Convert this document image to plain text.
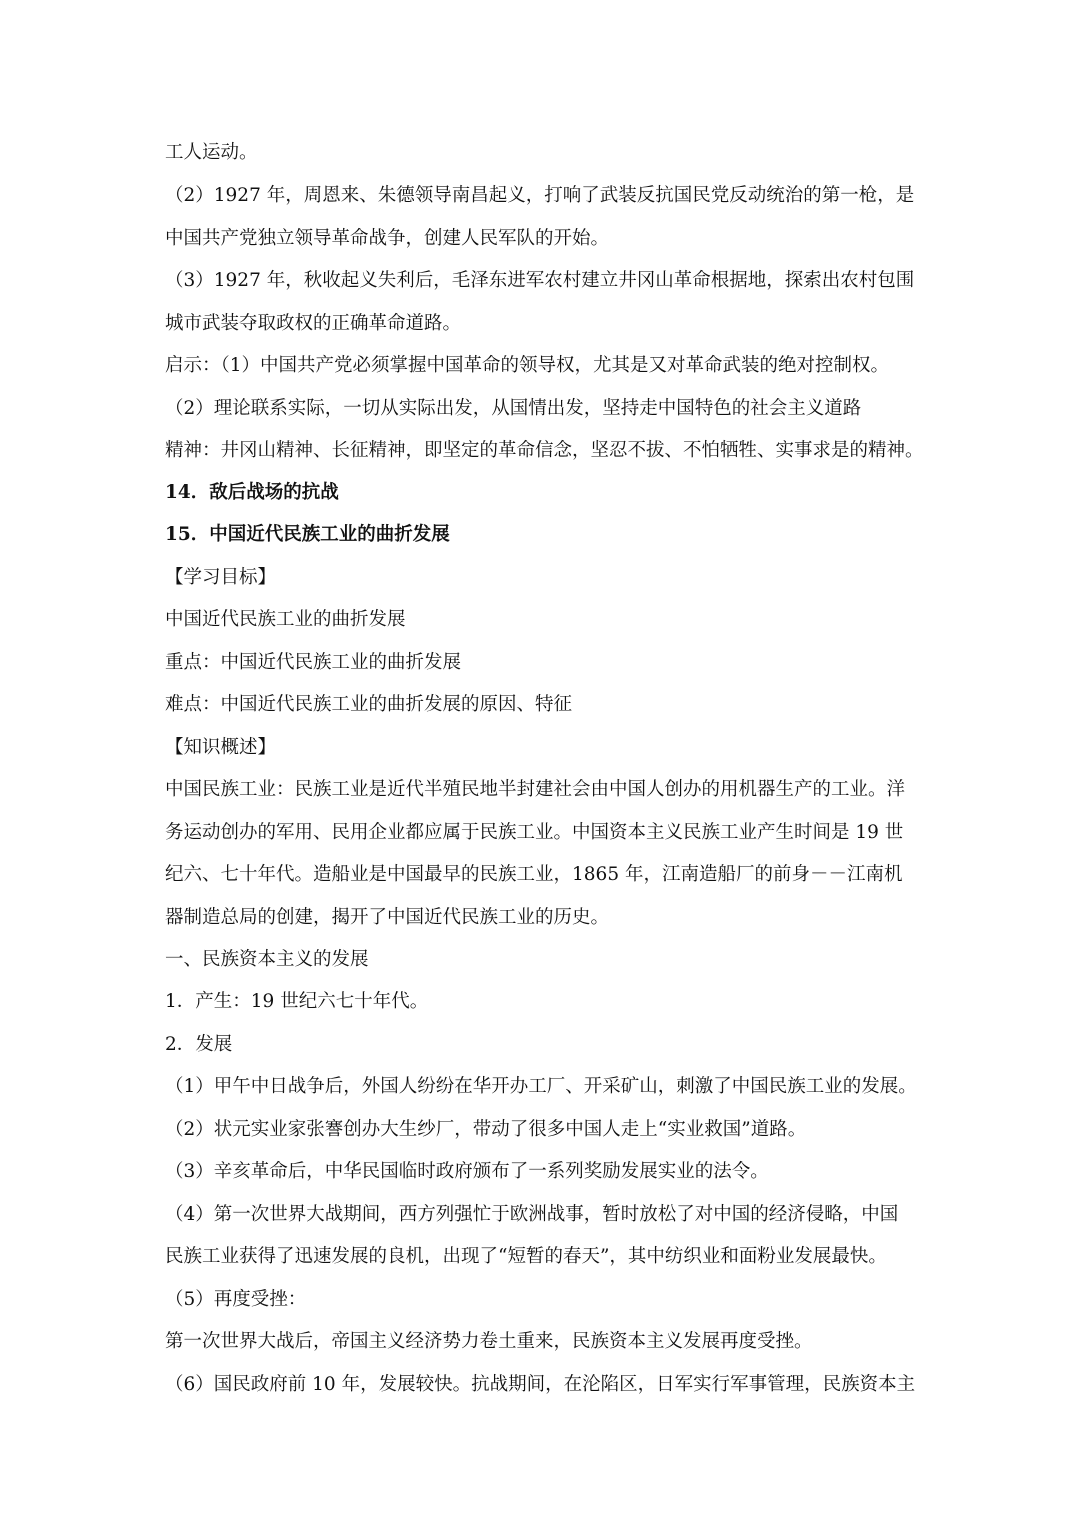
工人运动。

（2）1927 年，周恩来、朱德领导南昌起义，打响了武装反抗国民党反动统治的第一枪，是

中国共产党独立领导革命战争，创建人民军队的开始。

（3）1927 年，秋收起义失利后，毛泽东进军农村建立井冈山革命根据地，探索出农村包围

城市武装夺取政权的正确革命道路。

启示：（1）中国共产党必须掌握中国革命的领导权，尤其是又对革命武装的绝对控制权。

（2）理论联系实际，一切从实际出发，从国情出发，坚持走中国特色的社会主义道路

精神：井冈山精神、长征精神，即坚定的革命信念，坚忍不拔、不怕牺牲、实事求是的精神。

14．敌后战场的抗战

15．中国近代民族工业的曲折发展

【学习目标】

中国近代民族工业的曲折发展

重点：中国近代民族工业的曲折发展

难点：中国近代民族工业的曲折发展的原因、特征

【知识概述】

中国民族工业：民族工业是近代半殖民地半封建社会由中国人创办的用机器生产的工业。洋

务运动创办的军用、民用企业都应属于民族工业。中国资本主义民族工业产生时间是 19 世

纪六、七十年代。造船业是中国最早的民族工业，1865 年，江南造船厂的前身－－江南机

器制造总局的创建，揭开了中国近代民族工业的历史。

一、民族资本主义的发展

1．产生：19 世纪六七十年代。

2．发展

（1）甲午中日战争后，外国人纷纷在华开办工厂、开采矿山，刺激了中国民族工业的发展。

（2）状元实业家张謇创办大生纱厂，带动了很多中国人走上“实业救国”道路。

（3）辛亥革命后，中华民国临时政府颁布了一系列奖励发展实业的法令。

（4）第一次世界大战期间，西方列强忙于欧洲战事，暂时放松了对中国的经济侵略，中国

民族工业获得了迅速发展的良机，出现了“短暂的春天”，其中纺织业和面粉业发展最快。

（5）再度受挫：

第一次世界大战后，帝国主义经济势力卷土重来，民族资本主义发展再度受挫。

（6）国民政府前 10 年，发展较快。抗战期间，在沦陷区，日军实行军事管理，民族资本主
